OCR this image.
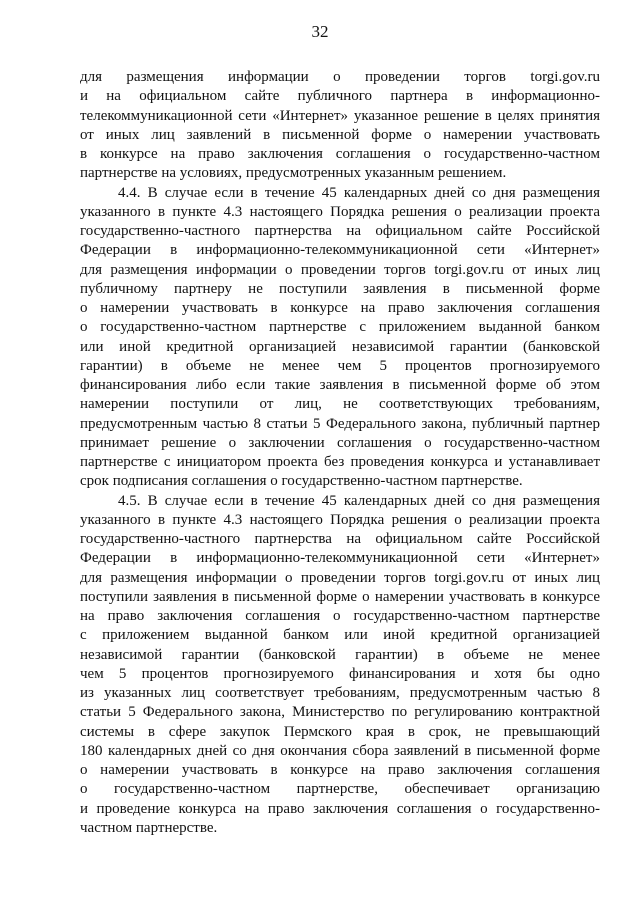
32
для размещения информации о проведении торгов torgi.gov.ru
и на официальном сайте публичного партнера в информационно-
телекоммуникационной сети «Интернет» указанное решение в целях принятия
от иных лиц заявлений в письменной форме о намерении участвовать
в конкурсе на право заключения соглашения о государственно-частном
партнерстве на условиях, предусмотренных указанным решением.
4.4. В случае если в течение 45 календарных дней со дня размещения
указанного в пункте 4.3 настоящего Порядка решения о реализации проекта
государственно-частного партнерства на официальном сайте Российской
Федерации в информационно-телекоммуникационной сети «Интернет»
для размещения информации о проведении торгов torgi.gov.ru от иных лиц
публичному партнеру не поступили заявления в письменной форме
о намерении участвовать в конкурсе на право заключения соглашения
о государственно-частном партнерстве с приложением выданной банком
или иной кредитной организацией независимой гарантии (банковской
гарантии) в объеме не менее чем 5 процентов прогнозируемого
финансирования либо если такие заявления в письменной форме об этом
намерении поступили от лиц, не соответствующих требованиям,
предусмотренным частью 8 статьи 5 Федерального закона, публичный партнер
принимает решение о заключении соглашения о государственно-частном
партнерстве с инициатором проекта без проведения конкурса и устанавливает
срок подписания соглашения о государственно-частном партнерстве.
4.5. В случае если в течение 45 календарных дней со дня размещения
указанного в пункте 4.3 настоящего Порядка решения о реализации проекта
государственно-частного партнерства на официальном сайте Российской
Федерации в информационно-телекоммуникационной сети «Интернет»
для размещения информации о проведении торгов torgi.gov.ru от иных лиц
поступили заявления в письменной форме о намерении участвовать в конкурсе
на право заключения соглашения о государственно-частном партнерстве
с приложением выданной банком или иной кредитной организацией
независимой гарантии (банковской гарантии) в объеме не менее
чем 5 процентов прогнозируемого финансирования и хотя бы одно
из указанных лиц соответствует требованиям, предусмотренным частью 8
статьи 5 Федерального закона, Министерство по регулированию контрактной
системы в сфере закупок Пермского края в срок, не превышающий
180 календарных дней со дня окончания сбора заявлений в письменной форме
о намерении участвовать в конкурсе на право заключения соглашения
о государственно-частном партнерстве, обеспечивает организацию
и проведение конкурса на право заключения соглашения о государственно-
частном партнерстве.
